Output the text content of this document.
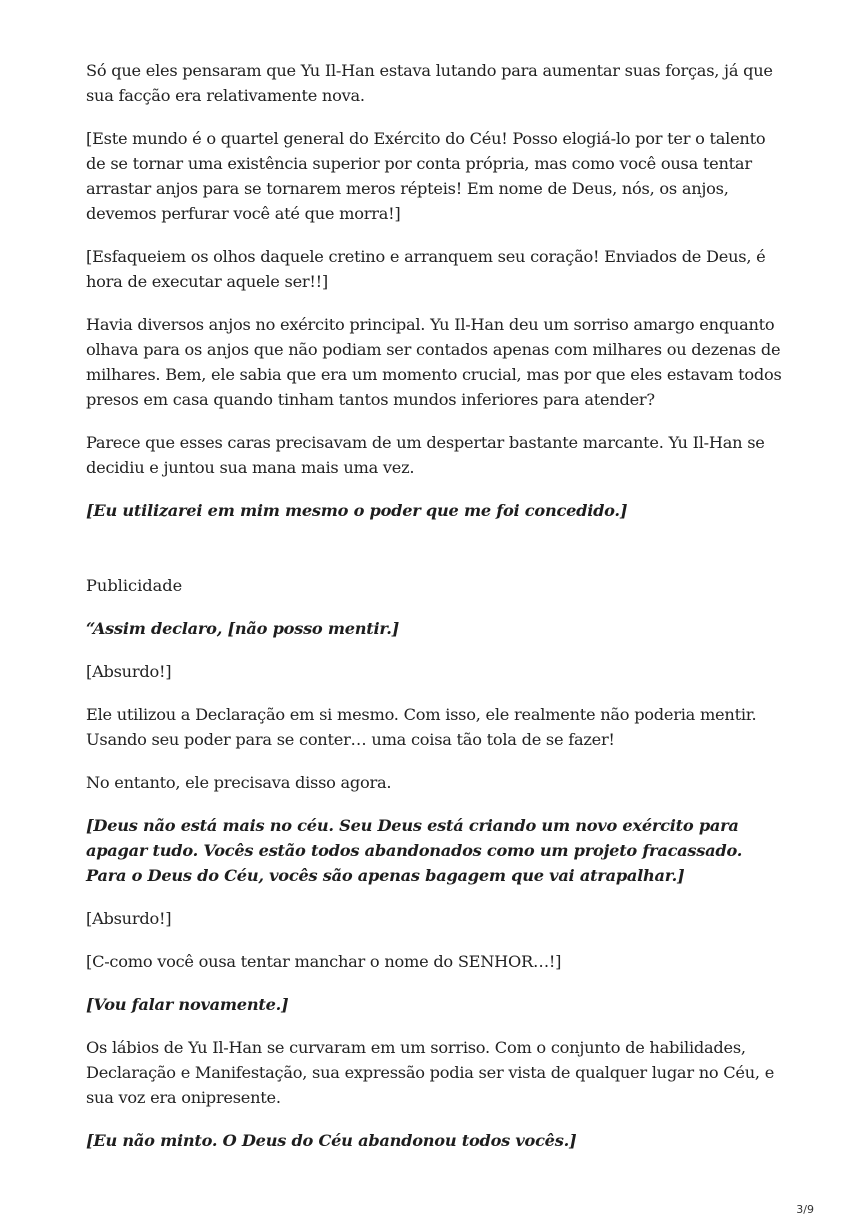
Só que eles pensaram que Yu Il-Han estava lutando para aumentar suas forças, já que sua facção era relativamente nova.

[Este mundo é o quartel general do Exército do Céu! Posso elogiá-lo por ter o talento de se tornar uma existência superior por conta própria, mas como você ousa tentar arrastar anjos para se tornarem meros répteis! Em nome de Deus, nós, os anjos, devemos perfurar você até que morra!]

[Esfaqueiem os olhos daquele cretino e arranquem seu coração! Enviados de Deus, é hora de executar aquele ser!!]

Havia diversos anjos no exército principal. Yu Il-Han deu um sorriso amargo enquanto olhava para os anjos que não podiam ser contados apenas com milhares ou dezenas de milhares. Bem, ele sabia que era um momento crucial, mas por que eles estavam todos presos em casa quando tinham tantos mundos inferiores para atender?

Parece que esses caras precisavam de um despertar bastante marcante. Yu Il-Han se decidiu e juntou sua mana mais uma vez.

[Eu utilizarei em mim mesmo o poder que me foi concedido.]

Publicidade

“Assim declaro, [não posso mentir.]

[Absurdo!]

Ele utilizou a Declaração em si mesmo. Com isso, ele realmente não poderia mentir. Usando seu poder para se conter… uma coisa tão tola de se fazer!

No entanto, ele precisava disso agora.

[Deus não está mais no céu. Seu Deus está criando um novo exército para apagar tudo. Vocês estão todos abandonados como um projeto fracassado. Para o Deus do Céu, vocês são apenas bagagem que vai atrapalhar.]

[Absurdo!]

[C-como você ousa tentar manchar o nome do SENHOR…!]

[Vou falar novamente.]

Os lábios de Yu Il-Han se curvaram em um sorriso. Com o conjunto de habilidades, Declaração e Manifestação, sua expressão podia ser vista de qualquer lugar no Céu, e sua voz era onipresente.

[Eu não minto. O Deus do Céu abandonou todos vocês.]

3/9
